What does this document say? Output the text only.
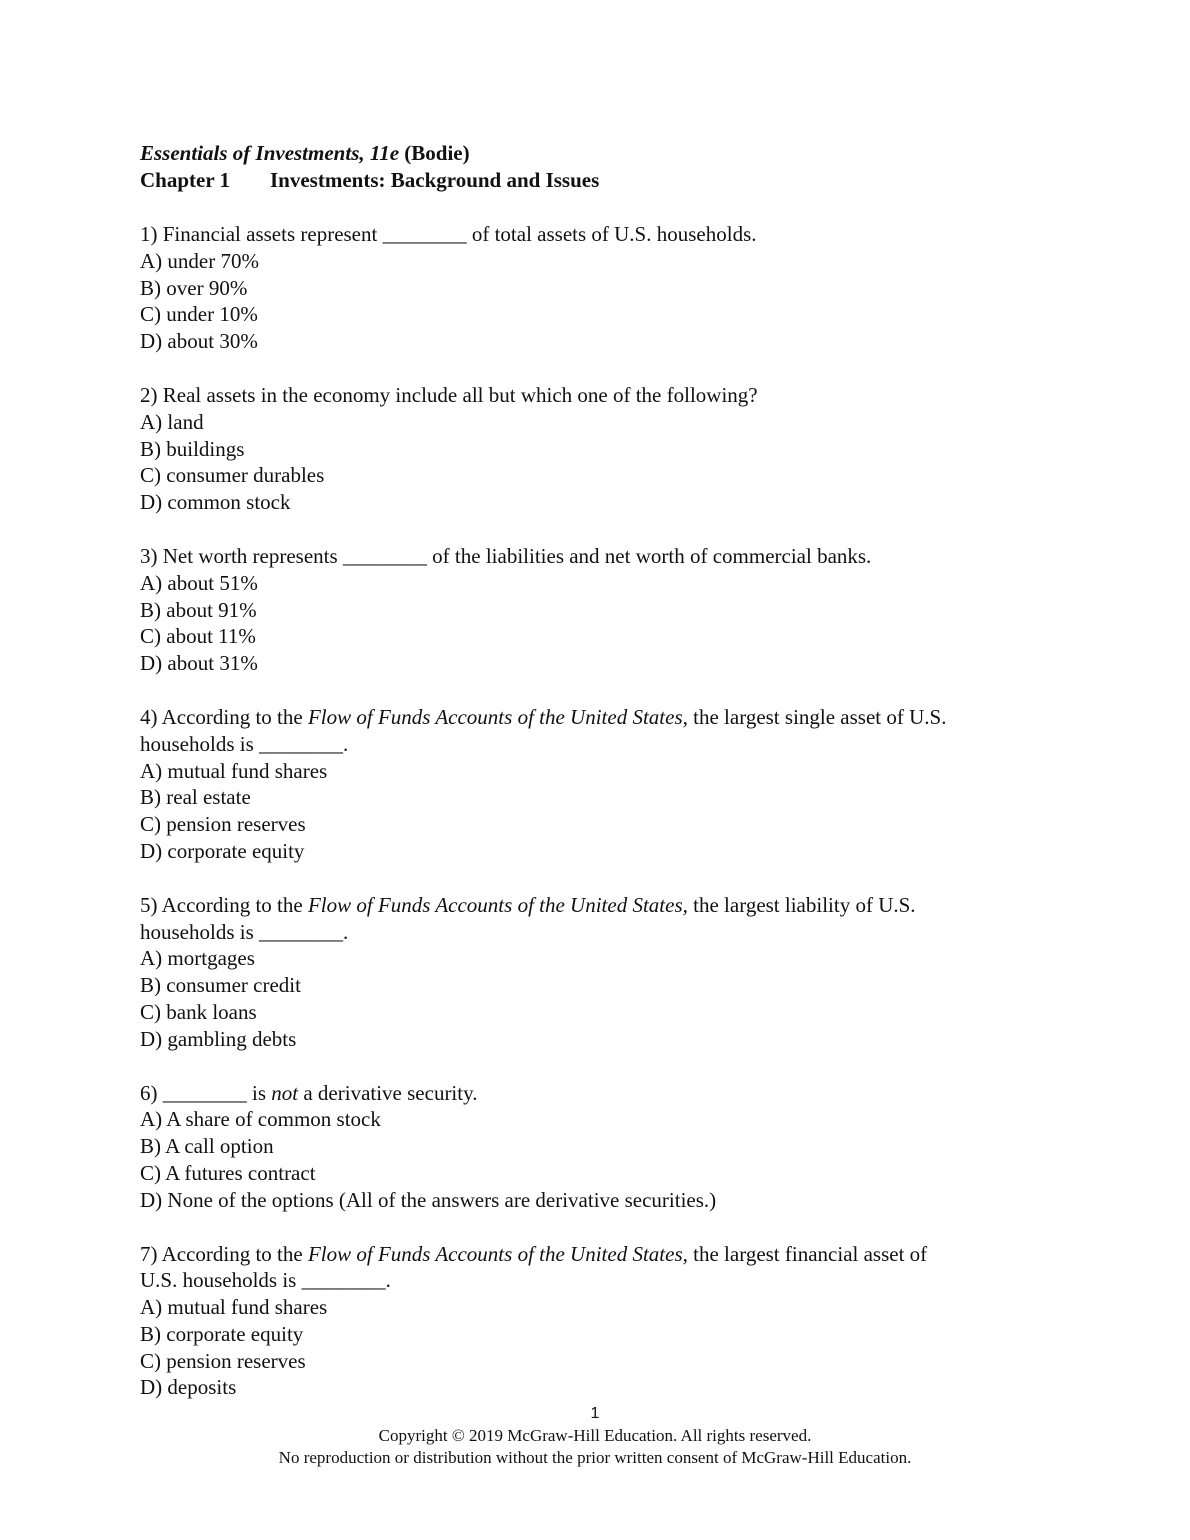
Essentials of Investments, 11e (Bodie)
Chapter 1 Investments: Background and Issues
1) Financial assets represent ________ of total assets of U.S. households.
A) under 70%
B) over 90%
C) under 10%
D) about 30%
2) Real assets in the economy include all but which one of the following?
A) land
B) buildings
C) consumer durables
D) common stock
3) Net worth represents ________ of the liabilities and net worth of commercial banks.
A) about 51%
B) about 91%
C) about 11%
D) about 31%
4) According to the Flow of Funds Accounts of the United States, the largest single asset of U.S.
households is ________.
A) mutual fund shares
B) real estate
C) pension reserves
D) corporate equity
5) According to the Flow of Funds Accounts of the United States, the largest liability of U.S.
households is ________.
A) mortgages
B) consumer credit
C) bank loans
D) gambling debts
6) ________ is not a derivative security.
A) A share of common stock
B) A call option
C) A futures contract
D) None of the options (All of the answers are derivative securities.)
7) According to the Flow of Funds Accounts of the United States, the largest financial asset of
U.S. households is ________.
A) mutual fund shares
B) corporate equity
C) pension reserves
D) deposits
1
Copyright © 2019 McGraw-Hill Education. All rights reserved.
No reproduction or distribution without the prior written consent of McGraw-Hill Education.
